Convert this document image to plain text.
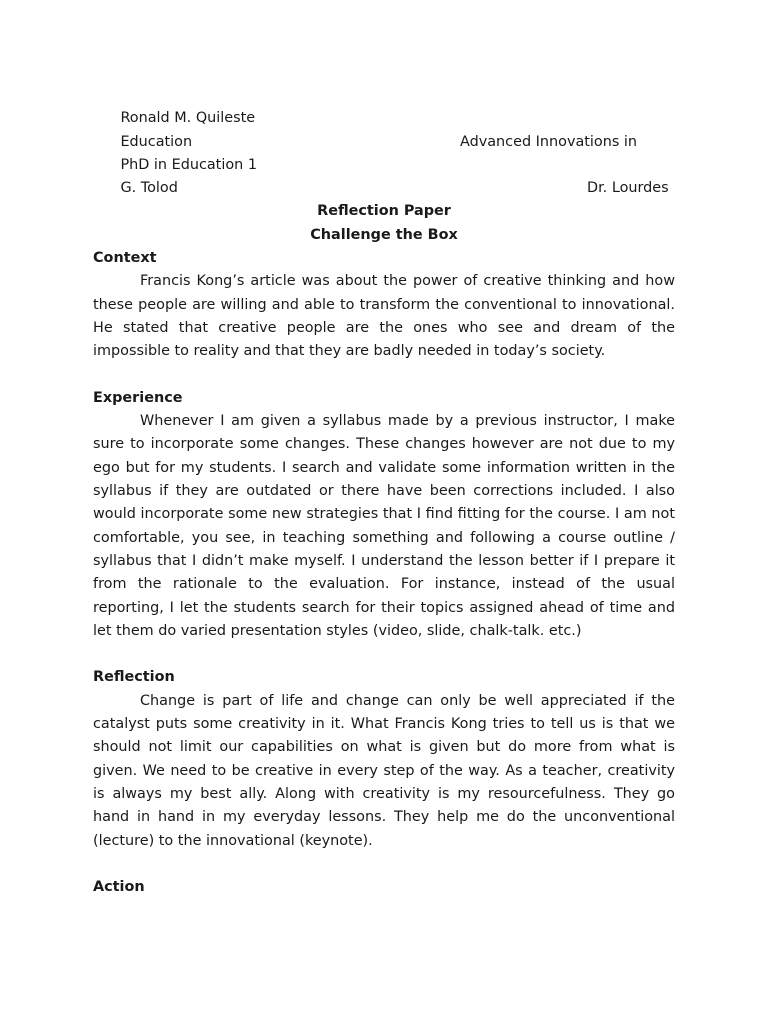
Ronald M. Quileste

Advanced Innovations in

Education

PhD in Education 1

Dr. Lourdes

G. Tolod

Reflection Paper
Challenge the Box
Context

Francis Kong’s article was about the power of creative thinking and how these people are willing and able to transform the conventional to innovational. He stated that creative people are the ones who see and dream of the impossible to reality and that they are badly needed in today’s society.

Experience

Whenever I am given a syllabus made by a previous instructor, I make sure to incorporate some changes. These changes however are not due to my ego but for my students. I search and validate some information written in the syllabus if they are outdated or there have been corrections included. I also would incorporate some new strategies that I find fitting for the course. I am not comfortable, you see, in teaching something and following a course outline / syllabus that I didn’t make myself. I understand the lesson better if I prepare it from the rationale to the evaluation. For instance, instead of the usual reporting, I let the students search for their topics assigned ahead of time and let them do varied presentation styles (video, slide, chalk-talk. etc.)

Reflection

Change is part of life and change can only be well appreciated if the catalyst puts some creativity in it. What Francis Kong tries to tell us is that we should not limit our capabilities on what is given but do more from what is given. We need to be creative in every step of the way. As a teacher, creativity is always my best ally. Along with creativity is my resourcefulness. They go hand in hand in my everyday lessons. They help me do the unconventional (lecture) to the innovational (keynote).

Action
